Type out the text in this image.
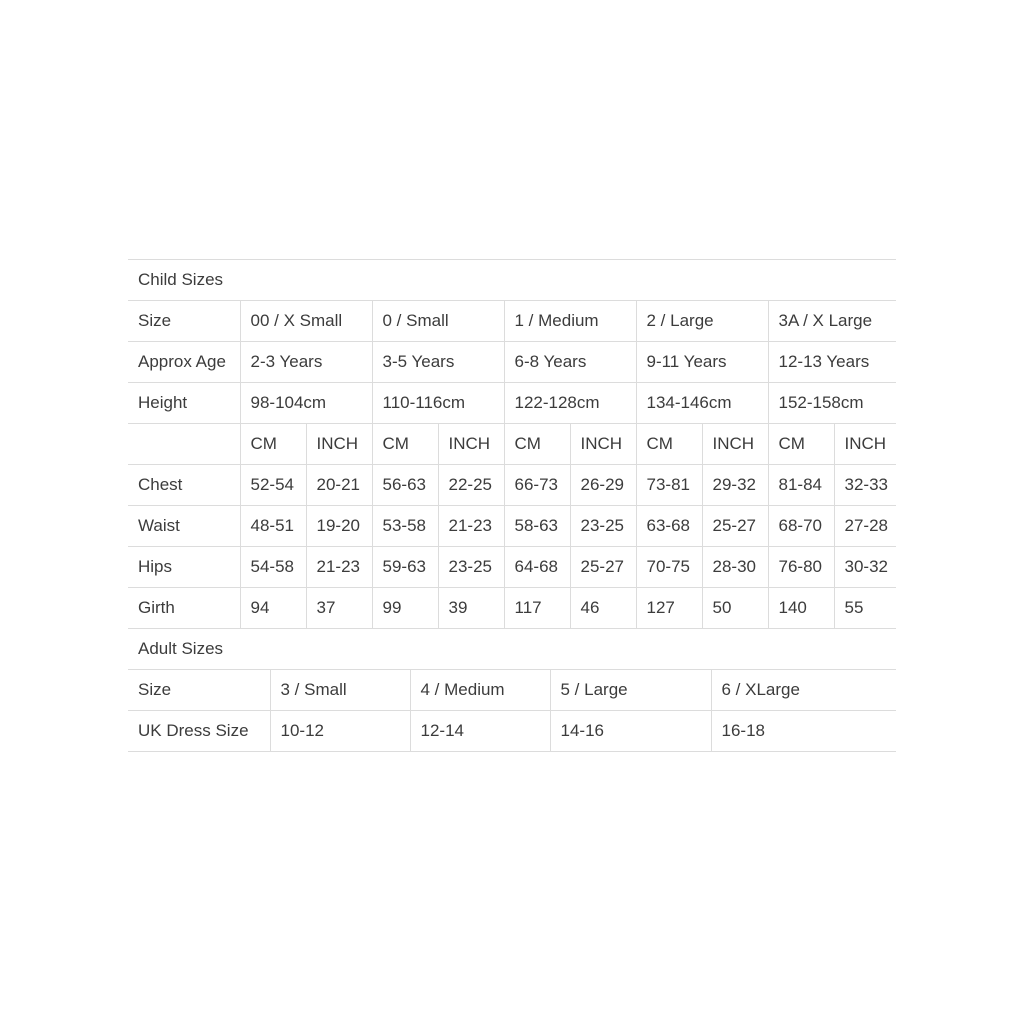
Child Sizes										
Size	00 / X Small		0 / Small		1 / Medium		2 / Large		3A / X Large	
Approx Age	2-3 Years		3-5 Years		6-8 Years		9-11 Years		12-13 Years	
Height	98-104cm		110-116cm		122-128cm		134-146cm		152-158cm	
	CM	INCH	CM	INCH	CM	INCH	CM	INCH	CM	INCH
Chest	52-54	20-21	56-63	22-25	66-73	26-29	73-81	29-32	81-84	32-33
Waist	48-51	19-20	53-58	21-23	58-63	23-25	63-68	25-27	68-70	27-28
Hips	54-58	21-23	59-63	23-25	64-68	25-27	70-75	28-30	76-80	30-32
Girth	94	37	99	39	117	46	127	50	140	55
Adult Sizes				
Size	3 / Small	4 / Medium	5 / Large	6 / XLarge
UK Dress Size	10-12	12-14	14-16	16-18
